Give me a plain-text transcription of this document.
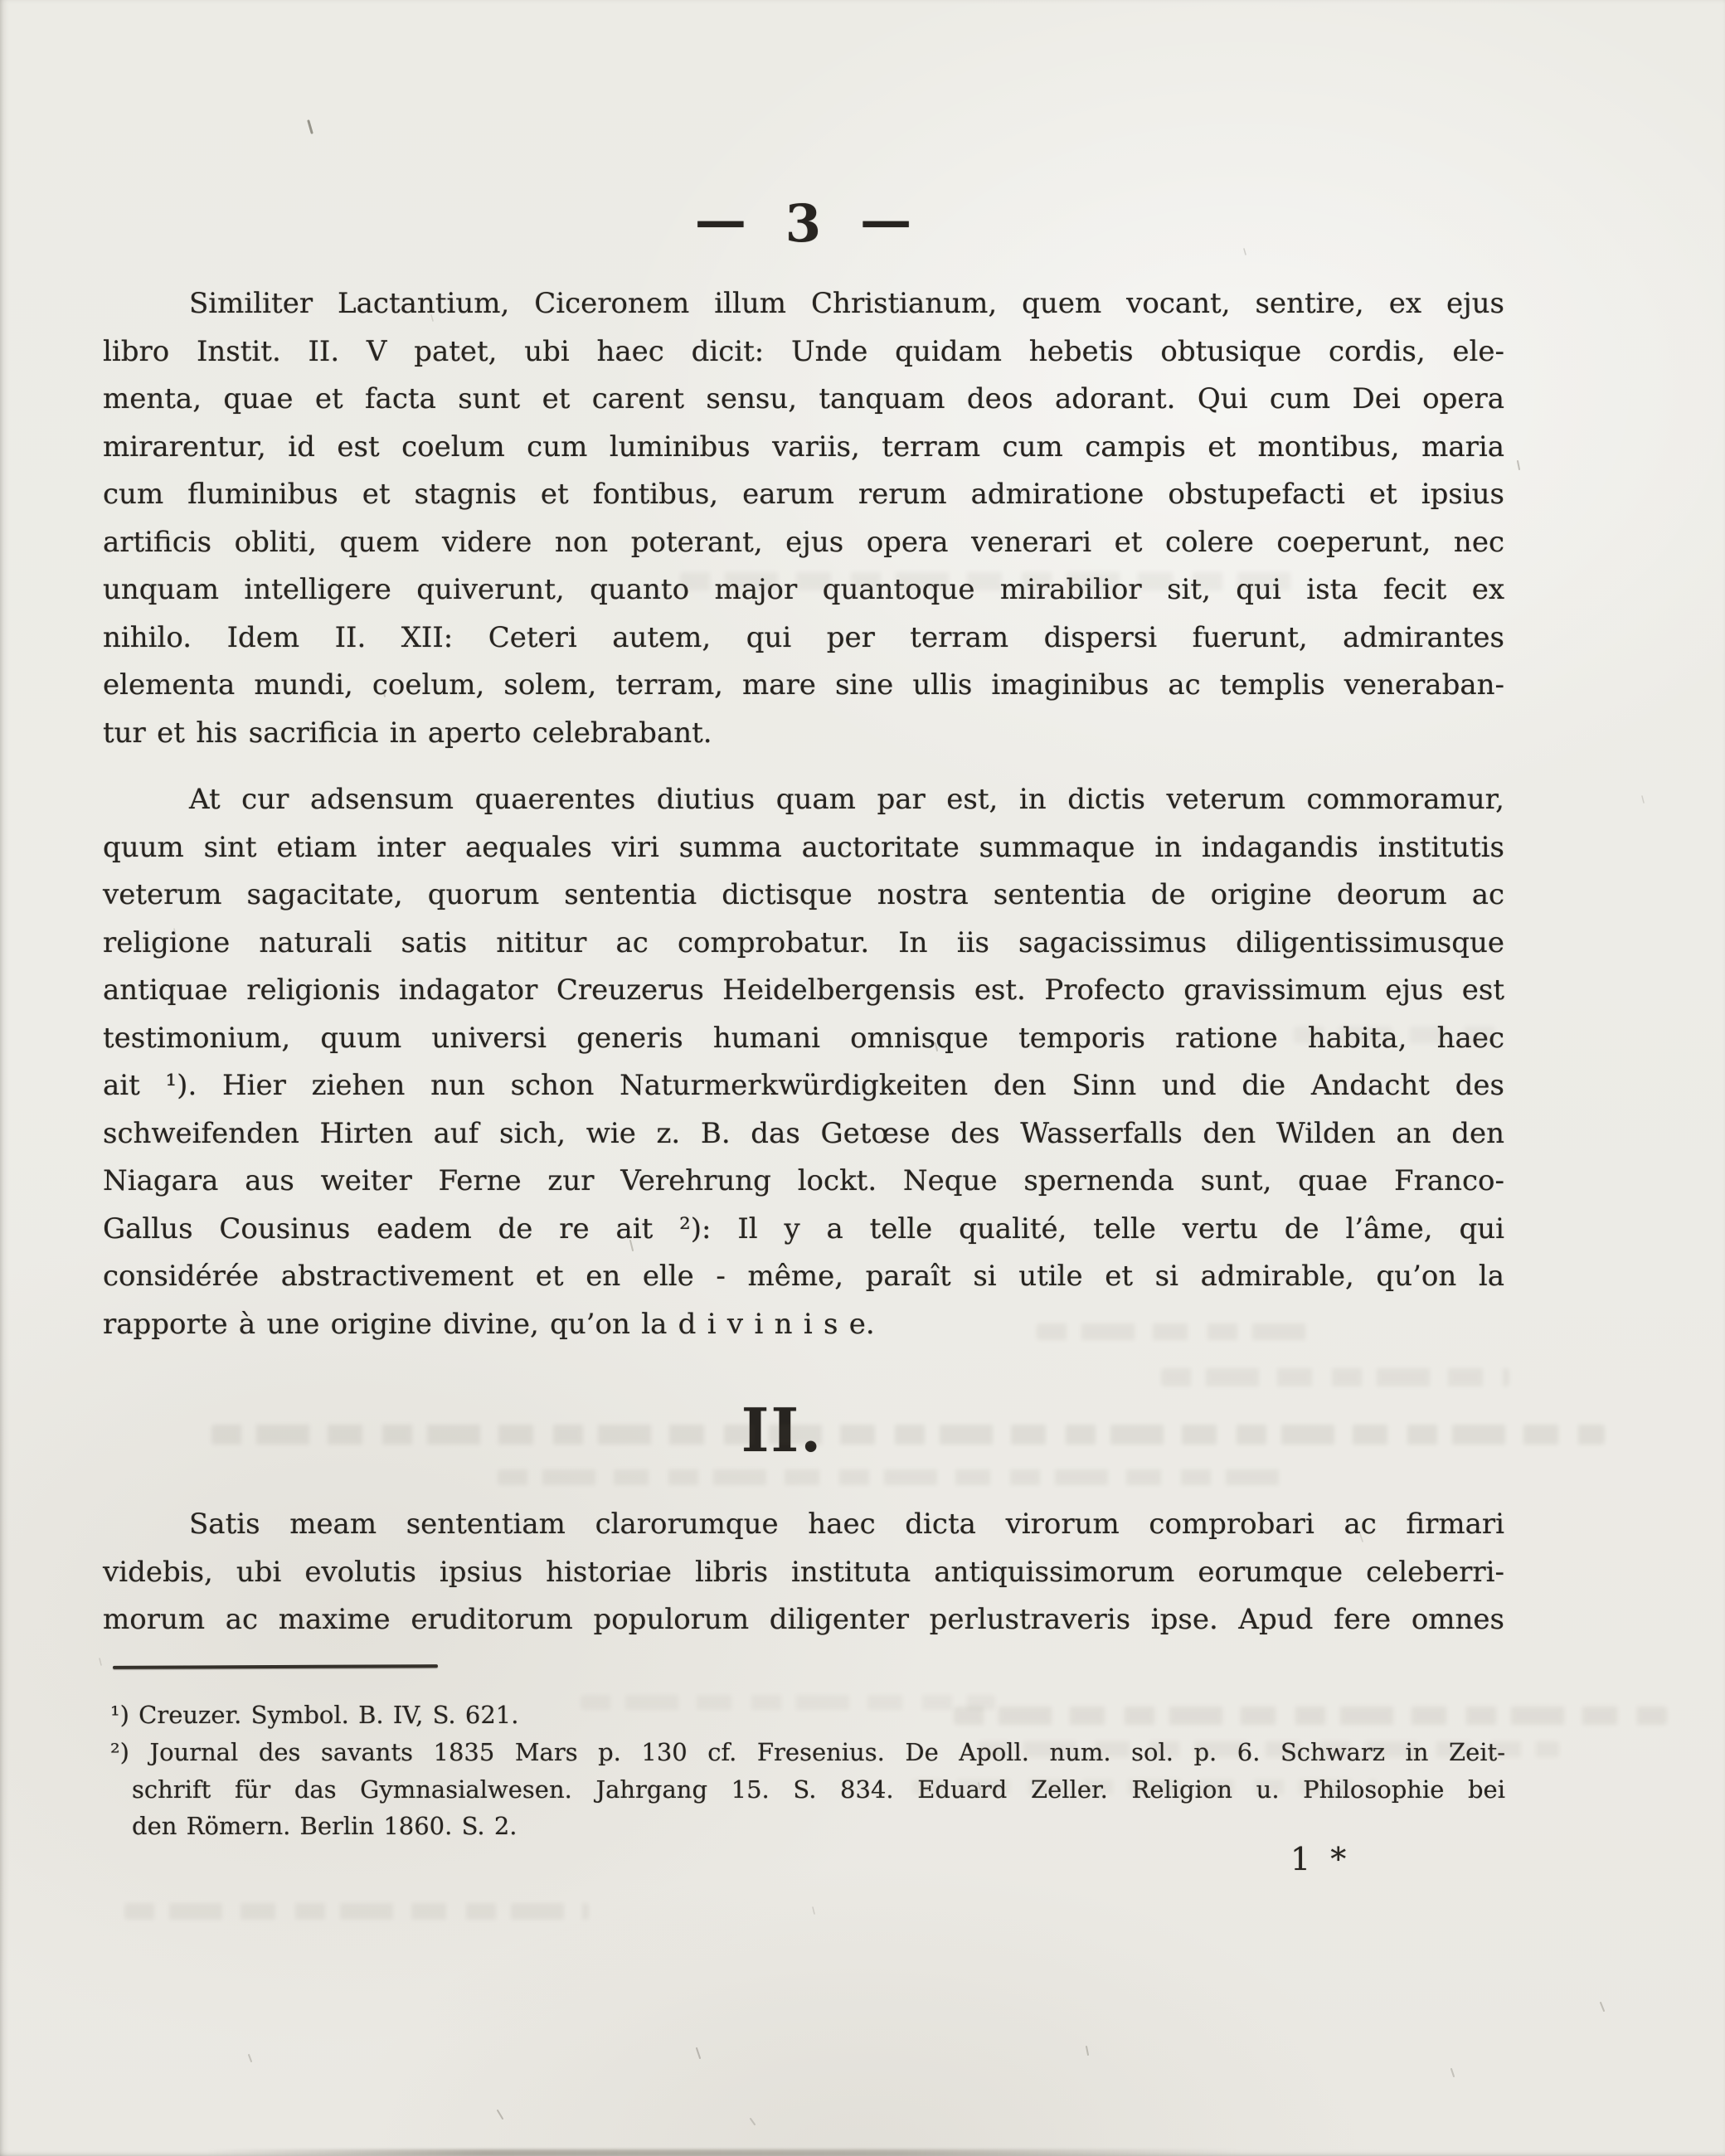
— 3 —
Similiter Lactantium, Ciceronem illum Christianum, quem vocant, sentire, ex ejus
libro Instit. II. V patet, ubi haec dicit: Unde quidam hebetis obtusique cordis, ele-
menta, quae et facta sunt et carent sensu, tanquam deos adorant. Qui cum Dei opera
mirarentur, id est coelum cum luminibus variis, terram cum campis et montibus, maria
cum fluminibus et stagnis et fontibus, earum rerum admiratione obstupefacti et ipsius
artificis obliti, quem videre non poterant, ejus opera venerari et colere coeperunt, nec
unquam intelligere quiverunt, quanto major quantoque mirabilior sit, qui ista fecit ex
nihilo. Idem II. XII: Ceteri autem, qui per terram dispersi fuerunt, admirantes
elementa mundi, coelum, solem, terram, mare sine ullis imaginibus ac templis veneraban-
tur et his sacrificia in aperto celebrabant.
At cur adsensum quaerentes diutius quam par est, in dictis veterum commoramur,
quum sint etiam inter aequales viri summa auctoritate summaque in indagandis institutis
veterum sagacitate, quorum sententia dictisque nostra sententia de origine deorum ac
religione naturali satis nititur ac comprobatur. In iis sagacissimus diligentissimusque
antiquae religionis indagator Creuzerus Heidelbergensis est. Profecto gravissimum ejus est
testimonium, quum universi generis humani omnisque temporis ratione habita, haec
ait ¹). Hier ziehen nun schon Naturmerkwürdigkeiten den Sinn und die Andacht des
schweifenden Hirten auf sich, wie z. B. das Getœse des Wasserfalls den Wilden an den
Niagara aus weiter Ferne zur Verehrung lockt. Neque spernenda sunt, quae Franco-
Gallus Cousinus eadem de re ait ²): Il y a telle qualité, telle vertu de l’âme, qui
considérée abstractivement et en elle - même, paraît si utile et si admirable, qu’on la
rapporte à une origine divine, qu’on la d i v i n i s e.
II.
Satis meam sententiam clarorumque haec dicta virorum comprobari ac firmari
videbis, ubi evolutis ipsius historiae libris instituta antiquissimorum eorumque celeberri-
morum ac maxime eruditorum populorum diligenter perlustraveris ipse. Apud fere omnes
¹) Creuzer. Symbol. B. IV, S. 621.
²) Journal des savants 1835 Mars p. 130 cf. Fresenius. De Apoll. num. sol. p. 6. Schwarz in Zeit-
schrift für das Gymnasialwesen. Jahrgang 15. S. 834. Eduard Zeller. Religion u. Philosophie bei
den Römern. Berlin 1860. S. 2.
1 *
